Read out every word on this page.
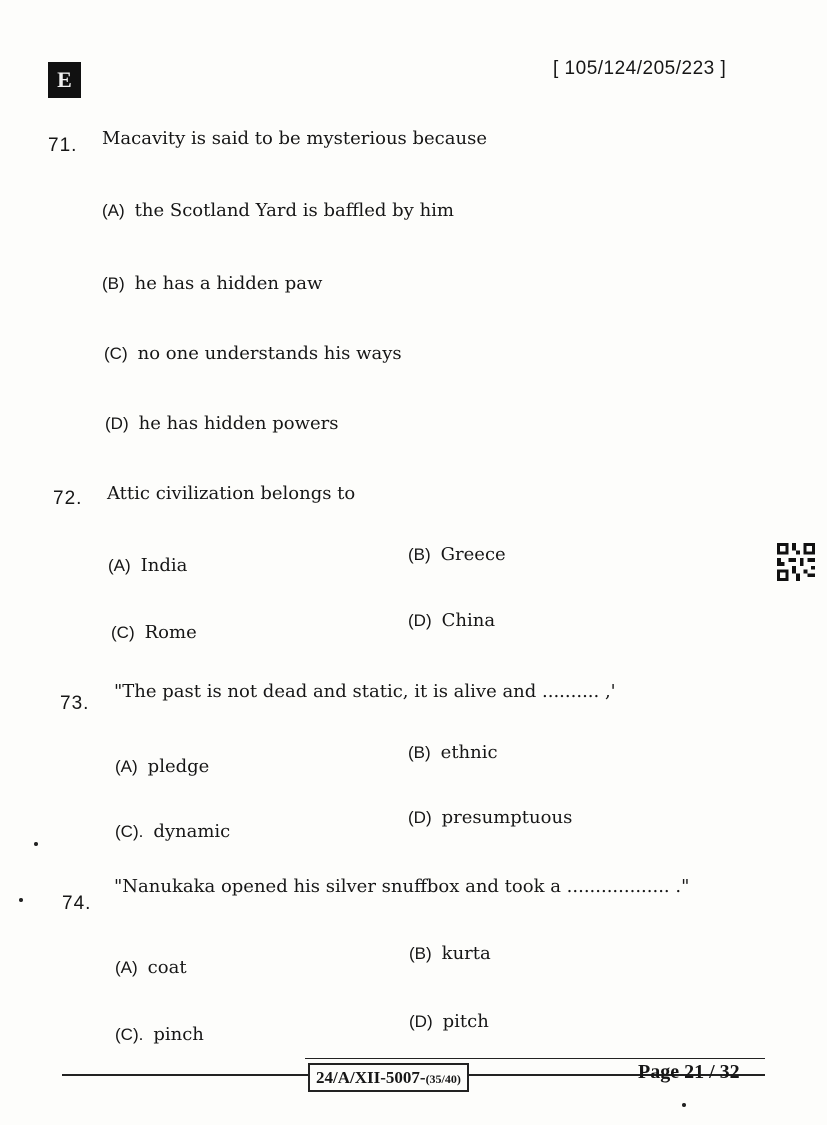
E	[ 105/124/205/223 ]
71. Macavity is said to be mysterious because
(A) the Scotland Yard is baffled by him
(B) he has a hidden paw
(C) no one understands his ways
(D) he has hidden powers
72. Attic civilization belongs to
(A) India
(B) Greece
(C) Rome
(D) China
73.
"The past is not dead and static, it is alive and .......... ,'
(A) pledge
(B) ethnic
(C). dynamic
(D) presumptuous
74.
"Nanukaka opened his silver snuffbox and took a .................. ."
(A) coat
(B) kurta
(C). pinch
(D) pitch
24/A/XII-5007-(35/40)	Page 21 / 32
